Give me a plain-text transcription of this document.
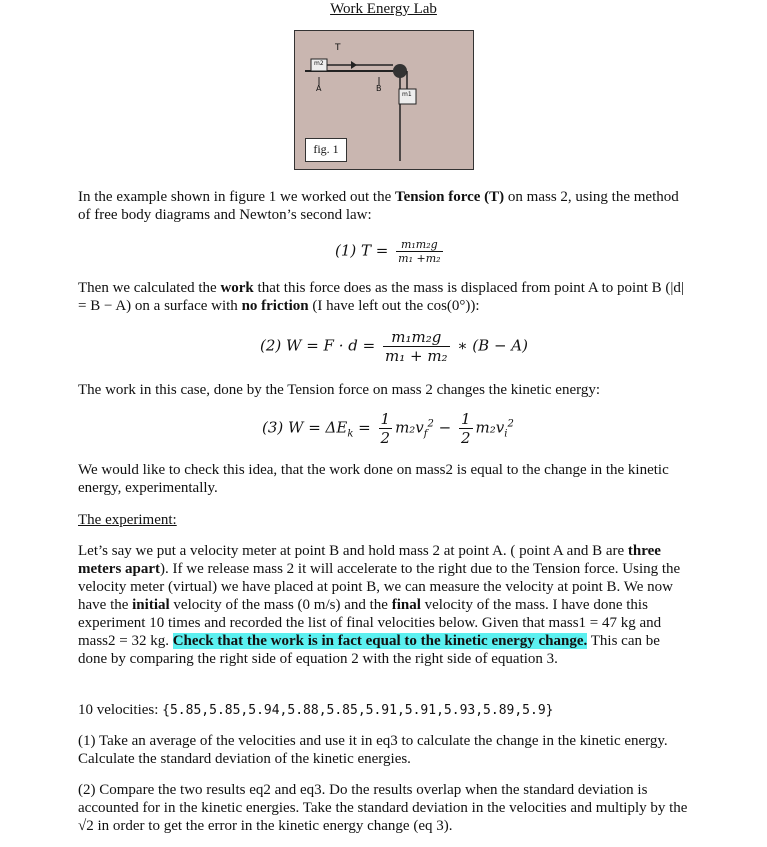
Work Energy Lab
m2
m1
T
A	B
fig. 1
In the example shown in figure 1 we worked out the Tension force (T) on mass 2, using the method of free body diagrams and Newton’s second law:
(1) $T = \frac{\text{m₁m₂g}}{\text{m₁ +m₂}}$
Then we calculated the work that this force does as the mass is displaced from point A to point B (|d| = B − A) on a surface with no friction (I have left out the cos(0°)):
(2) $W = F \cdot d = \frac{\text{m₁m₂g}}{\text{m₁ + m₂}}$ ∗ (B − A)
The work in this case, done by the Tension force on mass 2 changes the kinetic energy:
(3) $W = \Delta E_k = \frac{1}{2} m_2v_f^2 - \frac{1}{2} m_2v_i^2$
We would like to check this idea, that the work done on mass2 is equal to the change in the kinetic energy, experimentally.
The experiment:
Let’s say we put a velocity meter at point B and hold mass 2 at point A. ( point A and B are three meters apart). If we release mass 2 it will accelerate to the right due to the Tension force. Using the velocity meter (virtual) we have placed at point B, we can measure the velocity at point B. We now have the initial velocity of the mass (0 m/s) and the final velocity of the mass. I have done this experiment 10 times and recorded the list of final velocities below. Given that mass1 = 47 kg and mass2 = 32 kg. Check that the work is in fact equal to the kinetic energy change. This can be done by comparing the right side of equation 2 with the right side of equation 3.
10 velocities: {5.85,5.85,5.94,5.88,5.85,5.91,5.91,5.93,5.89,5.9}
(1) Take an average of the velocities and use it in eq3 to calculate the change in the kinetic energy. Calculate the standard deviation of the kinetic energies.
(2) Compare the two results eq2 and eq3. Do the results overlap when the standard deviation is accounted for in the kinetic energies. Take the standard deviation in the velocities and multiply by the √2 in order to get the error in the kinetic energy change (eq 3).
